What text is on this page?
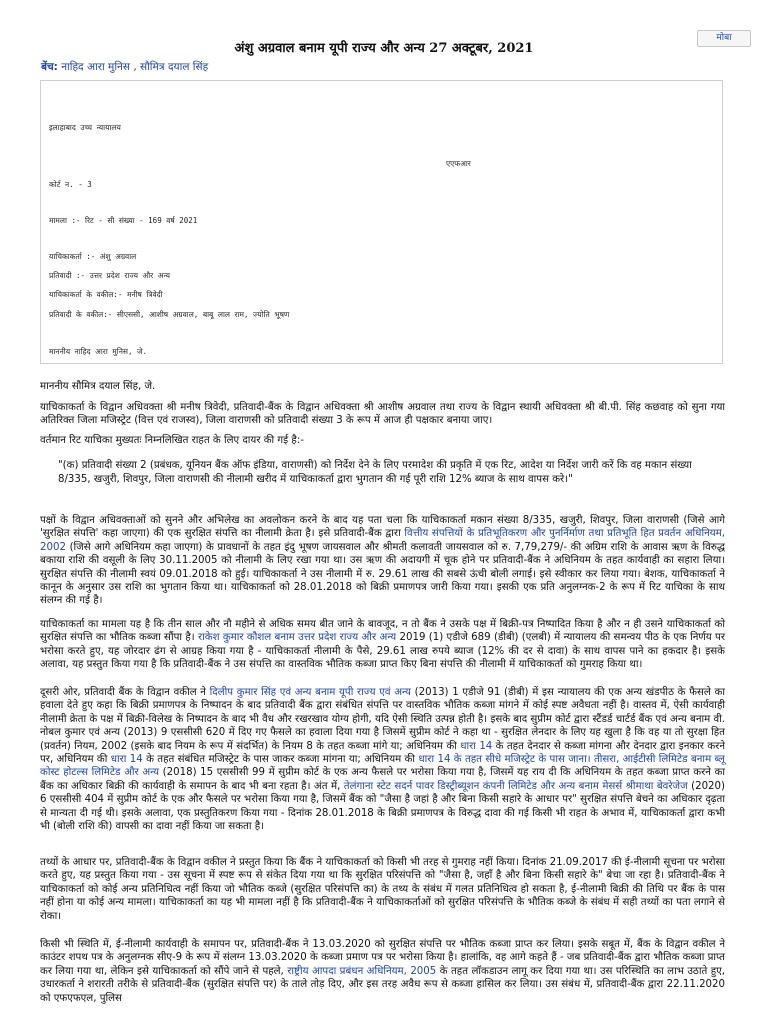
मोबा
अंशु अग्रवाल बनाम यूपी राज्य और अन्य 27 अक्टूबर, 2021
बेंच: नाहिद आरा मुनिस , सौमित्र दयाल सिंह
इलाहाबाद उच्च न्यायालय
एएफआर
कोर्ट न. - 3
मामला :- रिट - सी संख्या - 169 वर्ष 2021
याचिकाकर्ता :- अंशु अग्रवाल
प्रतिवादी :- उत्तर प्रदेश राज्य और अन्य
याचिकाकर्ता के वकील:- मनीष त्रिवेदी
प्रतिवादी के वकील:- सीएससी, आशीष अग्रवाल, बाबू लाल राम, ज्योति भूषण
माननीय नाहिद आरा मुनिस, जे.

माननीय सौमित्र दयाल सिंह, जे.

याचिकाकर्ता के विद्वान अधिवक्ता श्री मनीष त्रिवेदी, प्रतिवादी-बैंक के विद्वान अधिवक्ता श्री आशीष अग्रवाल तथा राज्य के विद्वान स्थायी अधिवक्ता श्री बी.पी. सिंह कछवाह को सुना गया अतिरिक्त जिला मजिस्ट्रेट (वित्त एवं राजस्व), जिला वाराणसी को प्रतिवादी संख्या 3 के रूप में आज ही पक्षकार बनाया जाए।

वर्तमान रिट याचिका मुख्यतः निम्नलिखित राहत के लिए दायर की गई है:-

"(क) प्रतिवादी संख्या 2 (प्रबंधक, यूनियन बैंक ऑफ इंडिया, वाराणसी) को निर्देश देने के लिए परमादेश की प्रकृति में एक रिट, आदेश या निर्देश जारी करें कि वह मकान संख्या 8/335, खजुरी, शिवपुर, जिला वाराणसी की नीलामी खरीद में याचिकाकर्ता द्वारा भुगतान की गई पूरी राशि 12% ब्याज के साथ वापस करे।"

पक्षों के विद्वान अधिवक्ताओं को सुनने और अभिलेख का अवलोकन करने के बाद यह पता चला कि याचिकाकर्ता मकान संख्या 8/335, खजुरी, शिवपुर, जिला वाराणसी (जिसे आगे 'सुरक्षित संपत्ति' कहा जाएगा) की एक सुरक्षित संपत्ति का नीलामी क्रेता है। इसे प्रतिवादी-बैंक द्वारा वित्तीय संपत्तियों के प्रतिभूतिकरण और पुनर्निर्माण तथा प्रतिभूति हित प्रवर्तन अधिनियम, 2002 (जिसे आगे अधिनियम कहा जाएगा) के प्रावधानों के तहत इंदु भूषण जायसवाल और श्रीमती कलावती जायसवाल को रु. 7,79,279/- की अग्रिम राशि के आवास ऋण के विरुद्ध बकाया राशि की वसूली के लिए 30.11.2005 को नीलामी के लिए रखा गया था। उस ऋण की अदायगी में चूक होने पर प्रतिवादी-बैंक ने अधिनियम के तहत कार्यवाही का सहारा लिया। सुरक्षित संपत्ति की नीलामी स्वयं 09.01.2018 को हुई। याचिकाकर्ता ने उस नीलामी में रु. 29.61 लाख की सबसे ऊंची बोली लगाई। इसे स्वीकार कर लिया गया। बेशक, याचिकाकर्ता ने कानून के अनुसार उस राशि का भुगतान किया था। याचिकाकर्ता को 28.01.2018 को बिक्री प्रमाणपत्र जारी किया गया। इसकी एक प्रति अनुलग्नक-2 के रूप में रिट याचिका के साथ संलग्न की गई है।

याचिकाकर्ता का मामला यह है कि तीन साल और नौ महीने से अधिक समय बीत जाने के बावजूद, न तो बैंक ने उसके पक्ष में बिक्री-पत्र निष्पादित किया है और न ही उसने याचिकाकर्ता को सुरक्षित संपत्ति का भौतिक कब्जा सौंपा है। राकेश कुमार कौशल बनाम उत्तर प्रदेश राज्य और अन्य 2019 (1) एडीजे 689 (डीबी) (एलबी) में न्यायालय की समन्वय पीठ के एक निर्णय पर भरोसा करते हुए, यह जोरदार ढंग से आग्रह किया गया है - याचिकाकर्ता नीलामी के पैसे, 29.61 लाख रुपये ब्याज (12% की दर से दावा) के साथ वापस पाने का हकदार है। इसके अलावा, यह प्रस्तुत किया गया है कि प्रतिवादी-बैंक ने उस संपत्ति का वास्तविक भौतिक कब्जा प्राप्त किए बिना संपत्ति की नीलामी में याचिकाकर्ता को गुमराह किया था।

दूसरी ओर, प्रतिवादी बैंक के विद्वान वकील ने दिलीप कुमार सिंह एवं अन्य बनाम यूपी राज्य एवं अन्य (2013) 1 एडीजे 91 (डीबी) में इस न्यायालय की एक अन्य खंडपीठ के फैसले का हवाला देते हुए कहा कि बिक्री प्रमाणपत्र के निष्पादन के बाद प्रतिवादी बैंक द्वारा संबंधित संपत्ति पर वास्तविक भौतिक कब्जा मांगने में कोई स्पष्ट अवैधता नहीं है। वास्तव में, ऐसी कार्यवाही नीलामी क्रेता के पक्ष में बिक्री-विलेख के निष्पादन के बाद भी वैध और रखरखाव योग्य होगी, यदि ऐसी स्थिति उत्पन्न होती है। इसके बाद सुप्रीम कोर्ट द्वारा स्टैंडर्ड चार्टर्ड बैंक एवं अन्य बनाम वी. नोबल कुमार एवं अन्य (2013) 9 एससीसी 620 में दिए गए फैसले का हवाला दिया गया है जिसमें सुप्रीम कोर्ट ने कहा था - सुरक्षित लेनदार के लिए यह खुला है कि वह या तो सुरक्षा हित (प्रवर्तन) नियम, 2002 (इसके बाद नियम के रूप में संदर्भित) के नियम 8 के तहत कब्जा मांगे या; अधिनियम की धारा 14 के तहत देनदार से कब्जा मांगना और देनदार द्वारा इनकार करने पर, अधिनियम की धारा 14 के तहत संबंधित मजिस्ट्रेट के पास जाकर कब्जा मांगना या; अधिनियम की धारा 14 के तहत सीधे मजिस्ट्रेट के पास जाना। तीसरा, आईटीसी लिमिटेड बनाम ब्लू कोस्ट होटल्स लिमिटेड और अन्य (2018) 15 एससीसी 99 में सुप्रीम कोर्ट के एक अन्य फैसले पर भरोसा किया गया है, जिसमें यह राय दी कि अधिनियम के तहत कब्जा प्राप्त करने का बैंक का अधिकार बिक्री की कार्यवाही के समापन के बाद भी बना रहता है। अंत में, तेलंगाना स्टेट सदर्न पावर डिस्ट्रीब्यूशन कंपनी लिमिटेड और अन्य बनाम मेसर्स श्रीमाथा बेवरेजेज (2020) 6 एससीसी 404 में सुप्रीम कोर्ट के एक और फैसले पर भरोसा किया गया है, जिसमें बैंक को "जैसा है जहां है और बिना किसी सहारे के आधार पर" सुरक्षित संपत्ति बेचने का अधिकार दृढ़ता से मान्यता दी गई थी। इसके अलावा, एक प्रस्तुतिकरण किया गया - दिनांक 28.01.2018 के बिक्री प्रमाणपत्र के विरुद्ध दावा की गई किसी भी राहत के अभाव में, याचिकाकर्ता द्वारा कभी भी (बोली राशि की) वापसी का दावा नहीं किया जा सकता है।

तथ्यों के आधार पर, प्रतिवादी-बैंक के विद्वान वकील ने प्रस्तुत किया कि बैंक ने याचिकाकर्ता को किसी भी तरह से गुमराह नहीं किया। दिनांक 21.09.2017 की ई-नीलामी सूचना पर भरोसा करते हुए, यह प्रस्तुत किया गया - उस सूचना में स्पष्ट रूप से संकेत दिया गया था कि सुरक्षित परिसंपत्ति को "जैसा है, जहाँ है और बिना किसी सहारे के" बेचा जा रहा है। प्रतिवादी-बैंक ने याचिकाकर्ता को कोई अन्य प्रतिनिधित्व नहीं किया जो भौतिक कब्जे (सुरक्षित परिसंपत्ति का) के तथ्य के संबंध में गलत प्रतिनिधित्व हो सकता है, ई-नीलामी बिक्री की तिथि पर बैंक के पास नहीं होना या कोई अन्य मामला। याचिकाकर्ता का यह भी मामला नहीं है कि प्रतिवादी-बैंक ने याचिकाकर्ताओं को सुरक्षित परिसंपत्ति के भौतिक कब्जे के संबंध में सही तथ्यों का पता लगाने से रोका।

किसी भी स्थिति में, ई-नीलामी कार्यवाही के समापन पर, प्रतिवादी-बैंक ने 13.03.2020 को सुरक्षित संपत्ति पर भौतिक कब्जा प्राप्त कर लिया। इसके सबूत में, बैंक के विद्वान वकील ने काउंटर शपथ पत्र के अनुलग्नक सीए-9 के रूप में संलग्न 13.03.2020 के कब्जा प्रमाण पत्र पर भरोसा किया है। हालांकि, वह आगे कहते हैं - जब प्रतिवादी-बैंक द्वारा भौतिक कब्जा प्राप्त कर लिया गया था, लेकिन इसे याचिकाकर्ता को सौंपे जाने से पहले, राष्ट्रीय आपदा प्रबंधन अधिनियम, 2005 के तहत लॉकडाउन लागू कर दिया गया था। उस परिस्थिति का लाभ उठाते हुए, उधारकर्ता ने शरारती तरीके से प्रतिवादी-बैंक (सुरक्षित संपत्ति पर) के ताले तोड़ दिए, और इस तरह अवैध रूप से कब्जा हासिल कर लिया। उस संबंध में, प्रतिवादी-बैंक द्वारा 22.11.2020 को एफएफएल, पुलिस
